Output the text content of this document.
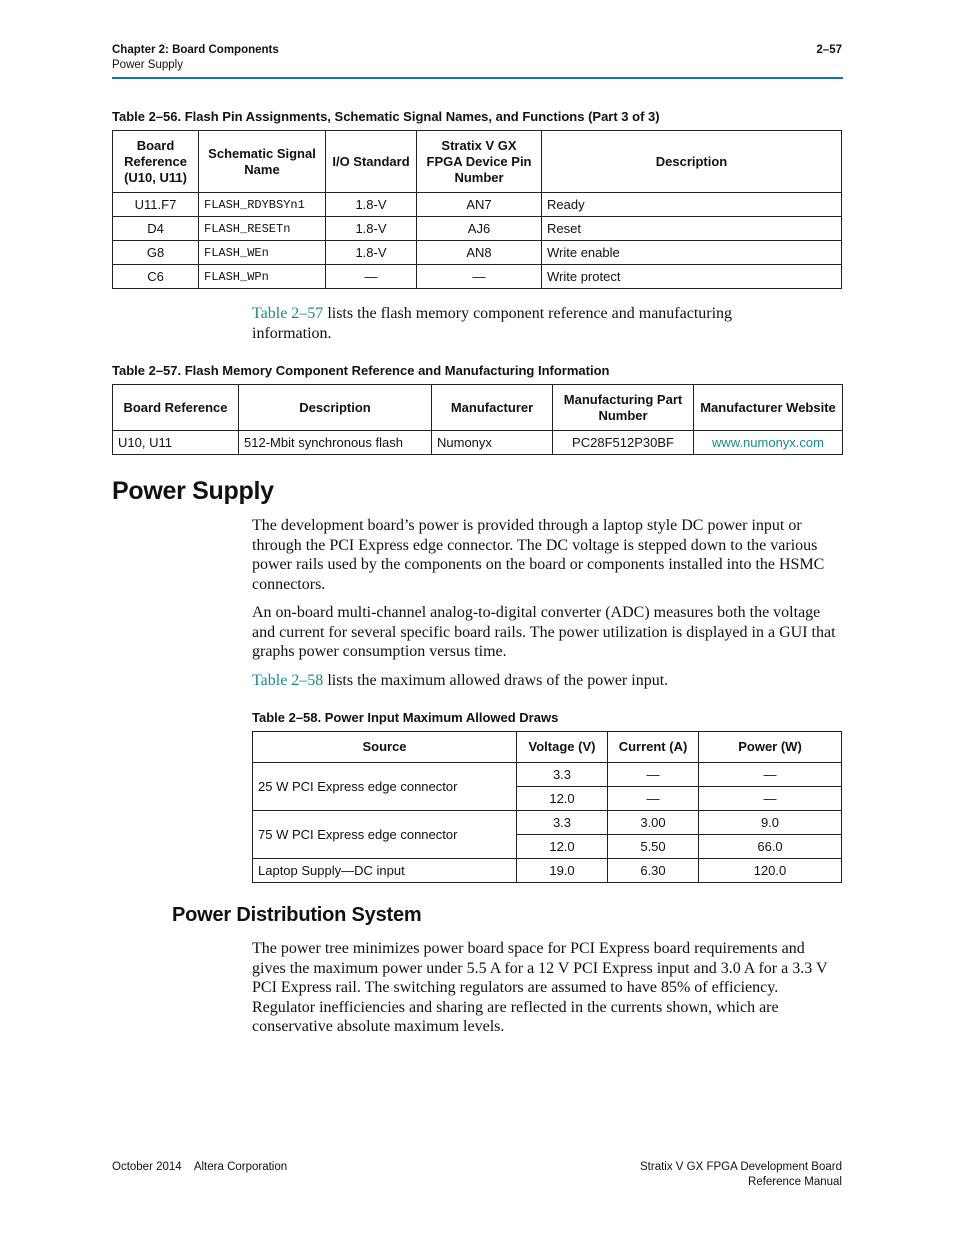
Chapter 2: Board Components
Power Supply
2–57
Table 2–56. Flash Pin Assignments, Schematic Signal Names, and Functions (Part 3 of 3)
Board Reference (U10, U11)	Schematic Signal Name	I/O Standard	Stratix V GX FPGA Device Pin Number	Description
U11.F7	FLASH_RDYBSYn1	1.8-V	AN7	Ready
D4	FLASH_RESETn	1.8-V	AJ6	Reset
G8	FLASH_WEn	1.8-V	AN8	Write enable
C6	FLASH_WPn	—	—	Write protect

Table 2–57 lists the flash memory component reference and manufacturing information.

Table 2–57. Flash Memory Component Reference and Manufacturing Information
Board Reference	Description	Manufacturer	Manufacturing Part Number	Manufacturer Website
U10, U11	512-Mbit synchronous flash	Numonyx	PC28F512P30BF	www.numonyx.com
Power Supply

The development board’s power is provided through a laptop style DC power input or through the PCI Express edge connector. The DC voltage is stepped down to the various power rails used by the components on the board or components installed into the HSMC connectors.

An on-board multi-channel analog-to-digital converter (ADC) measures both the voltage and current for several specific board rails. The power utilization is displayed in a GUI that graphs power consumption versus time.

Table 2–58 lists the maximum allowed draws of the power input.

Table 2–58. Power Input Maximum Allowed Draws
Source	Voltage (V)	Current (A)	Power (W)
25 W PCI Express edge connector	3.3	—	—
	12.0	—	—
75 W PCI Express edge connector	3.3	3.00	9.0
	12.0	5.50	66.0
Laptop Supply—DC input	19.0	6.30	120.0
Power Distribution System

The power tree minimizes power board space for PCI Express board requirements and gives the maximum power under 5.5 A for a 12 V PCI Express input and 3.0 A for a 3.3 V PCI Express rail. The switching regulators are assumed to have 85% of efficiency. Regulator inefficiencies and sharing are reflected in the currents shown, which are conservative absolute maximum levels.

October 2014    Altera Corporation	Stratix V GX FPGA Development Board
Reference Manual
